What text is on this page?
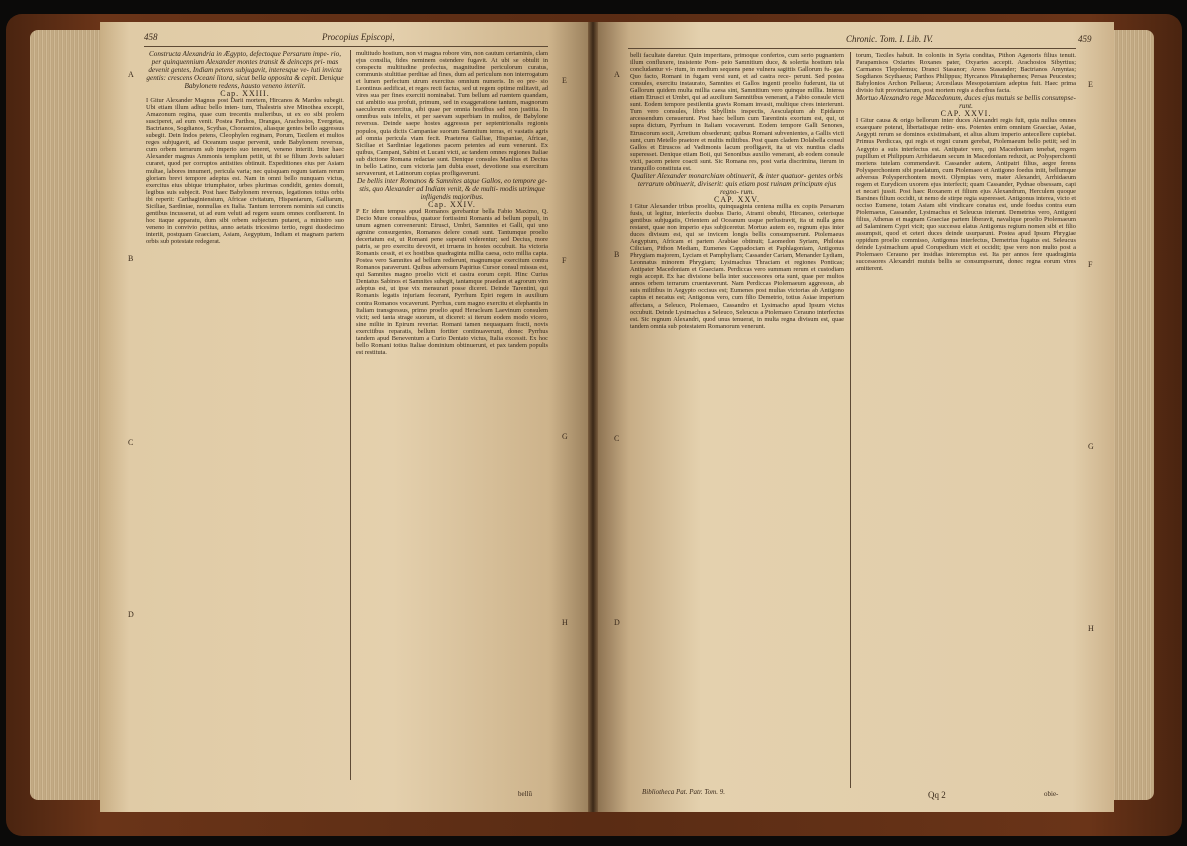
458	Procopius Episcopi,

Constructa Alexandria in Ægypto, defectoque Persarum impe- rio, per quinquennium Alexander montes transit & deinceps pri- mas devenit gentes, Indiam petens subjugavit, interesque ve- luti invicta gentis: crescens Oceani litora, sicut bella opposita & cepit. Denique Babylonem redens, hausto veneno interiit.

Cap. XXIII.

I Gitur Alexander Magnus post Darii mortem, Hircanos & Mardos subegit. Ubi etiam illum adhuc bello inten- tum, Thalestris sive Minothea excepit, Amazonum regina, quae cum trecentis mulieribus, ut ex eo sibi prolem susciperet, ad eum venit. Postea Parthos, Drangas, Arachosios, Evergetas, Bactrianos, Sogdianos, Scythas, Chorasmios, aliasque gentes bello aggressus subegit. Dein Indos petens, Cleophylen reginam, Porum, Taxilem et multos reges subjugavit, ad Oceanum usque pervenit, unde Babylonem reversus, cum orbem terrarum sub imperio suo teneret, veneno interiit. Inter haec Alexander magnus Ammonis templum petiit, ut ibi se filium Jovis salutari curaret, quod per corruptos antistites obtinuit. Expeditiones eius per Asiam multae, labores innumeri, pericula varia; nec quisquam regum tantam rerum gloriam brevi tempore adeptus est. Nam in omni bello nunquam victus, exercitus eius ubique triumphator, urbes plurimas condidit, gentes domuit, legibus suis subjecit. Post haec Babylonem reversus, legationes totius orbis ibi reperit: Carthaginiensium, Africae civitatum, Hispaniarum, Galliarum, Siciliae, Sardiniae, nonnullas ex Italia. Tantum terrorem nominis sui cunctis gentibus incusserat, ut ad eum veluti ad regem suum omnes confluerent. In hoc itaque apparatu, dum sibi orbem subjectum putaret, a ministro suo veneno in convivio petitus, anno aetatis tricesimo tertio, regni duodecimo interiit, postquam Graeciam, Asiam, Aegyptum, Indiam et magnam partem orbis sub potestate redegerat.

multitudo hostium, non vi magna robore vim, non cautum certaminis, clam ejus consilia, fides neminem ostendere fugavit. At ubi se obtulit in conspectu multitudine profectus, magnitudine periculorum curatus, communis stultitiae perditae ad fines, dum ad periculum non interrogatum et lumen perfectum utrum exercitus omnium numeris. In eo pre- sio Leontinus aedificat, et reges recti factus, sed ut regem optime militavit, ad vires sua per fines exerciti nominabat. Tum bellum ad ruentem quandam, cui ambitio sua profuit, primum, sed in exaggeratione tantum, magnorum saeculorum exercitus, sibi quae per omnia hostibus sed non justitia. In omnibus suis infelix, et per saevam superbiam in multos, de Babylone reversus. Deinde saepe hostes aggressus per septentrionalis regionis populos, quia dictis Campaniae suorum Samnitum terras, et vastatis agris ad omnia pericula viam fecit. Praeterea Galliae, Hispaniae, Africae, Siciliae et Sardiniae legationes pacem petentes ad eum venerunt. Ex quibus, Campani, Sabini et Lucani victi, ac tandem omnes regiones Italiae sub dictione Romana redactae sunt. Denique consules Manlius et Decius in bello Latino, cum victoria jam dubia esset, devotione sua exercitum servaverunt, et Latinorum copias profligaverunt.

De bellis inter Romanos & Samnites atque Gallos, eo tempore ge- stis, quo Alexander ad Indiam venit, & de multi- modis utrimque infligendis majoribus.

Cap. XXIV.

P Er idem tempus apud Romanos gerebantur bella Fabio Maximo, Q. Decio Mure consulibus, quatuor fortissimi Romanis ad bellum populi, in unum agmen convenerunt: Etrusci, Umbri, Samnites et Galli, qui uno agmine consurgentes, Romanos delere conati sunt. Tantumque proelio decertatum est, ut Romani pene superati viderentur; sed Decius, more patris, se pro exercitu devovit, et irruens in hostes occubuit. Ita victoria Romanis cessit, et ex hostibus quadraginta millia caesa, octo millia capta. Postea vero Samnites ad bellum redierunt, magnumque exercitum contra Romanos paraverunt. Quibus adversum Papirius Cursor consul missus est, qui Samnites magno proelio vicit et castra eorum cepit. Hinc Curius Dentatus Sabinos et Samnites subegit, tantamque praedam et agrorum vim adeptus est, ut ipse vix mensurari posse diceret. Deinde Tarentini, qui Romanis legatis injuriam fecerant, Pyrrhum Epiri regem in auxilium contra Romanos vocaverunt. Pyrrhus, cum magno exercitu et elephantis in Italiam transgressus, primo proelio apud Heracleam Laevinum consulem vicit; sed tanta strage suorum, ut diceret: si iterum eodem modo vicero, sine milite in Epirum revertar. Romani tamen nequaquam fracti, novis exercitibus reparatis, bellum fortiter continuaverunt, donec Pyrrhus tandem apud Beneventum a Curio Dentato victus, Italia excessit. Ex hoc bello Romani totius Italiae dominium obtinuerunt, et pax tandem populis est restituta.

bellū
A
B
C
D
E
F
G
H
Chronic. Tom. I. Lib. IV.	459

belli facultate daretur. Quin imperitans, primoque confertos, cum serio pugnantem illum confluxere, insistente Pom- peio Samnitium duce, & solertia hostium tela concludantur vi- rium, in medium sequens pene vulnera sagittis Gallorum fu- gae. Quo facto, Romani in fugam versi sunt, et ad castra rece- perunt. Sed postea consules, exercitu instaurato, Samnites et Gallos ingenti proelio fuderunt, ita ut Gallorum quidem multa millia caesa sint, Samnitium vero quinque millia. Interea etiam Etrusci et Umbri, qui ad auxilium Samnitibus venerant, a Fabio consule victi sunt. Eodem tempore pestilentia gravis Romam invasit, multique cives interierunt. Tum vero consules, libris Sibyllinis inspectis, Aesculapium ab Epidauro arcessendum censuerunt. Post haec bellum cum Tarentinis exortum est, qui, ut supra dictum, Pyrrhum in Italiam vocaverunt. Eodem tempore Galli Senones, Etruscorum socii, Arretium obsederunt; quibus Romani subvenientes, a Gallis victi sunt, cum Metello praetore et multis militibus. Post quam cladem Dolabella consul Gallos et Etruscos ad Vadimonis lacum profligavit, ita ut vix nuntius cladis superesset. Denique etiam Boii, qui Senonibus auxilio venerant, ab eodem consule victi, pacem petere coacti sunt. Sic Romana res, post varia discrimina, iterum in tranquillo constituta est.

Qualiter Alexander monarchiam obtinuerit, & inter quatuor- gentes orbis terrarum obtinuerit, diviserit: quis etiam post ruinam principum ejus regno- rum.

CAP. XXV.

I Gitur Alexander tribus proeliis, quinquaginta centena millia ex copiis Persarum fusis, ut legitur, interfectis duobus Dario, Atrami obnubi, Hircaneo, ceterisque gentibus subjugatis, Orientem ad Oceanum usque perlustravit, ita ut nulla gens restaret, quae non imperio ejus subjiceretur. Mortuo autem eo, regnum ejus inter duces divisum est, qui se invicem longis bellis consumpserunt. Ptolemaeus Aegyptum, Africam et partem Arabiae obtinuit; Laomedon Syriam, Philotas Ciliciam, Pithon Mediam, Eumenes Cappadociam et Paphlagoniam, Antigonus Phrygiam majorem, Lyciam et Pamphyliam; Cassander Cariam, Menander Lydiam, Leonnatus minorem Phrygiam; Lysimachus Thraciam et regiones Ponticas; Antipater Macedoniam et Graeciam. Perdiccas vero summam rerum et custodiam regis accepit. Ex hac divisione bella inter successores orta sunt, quae per multos annos orbem terrarum cruentaverunt. Nam Perdiccas Ptolemaeum aggressus, ab suis militibus in Aegypto occisus est; Eumenes post multas victorias ab Antigono captus et necatus est; Antigonus vero, cum filio Demetrio, totius Asiae imperium affectans, a Seleuco, Ptolemaeo, Cassandro et Lysimacho apud Ipsum victus occubuit. Deinde Lysimachus a Seleuco, Seleucus a Ptolemaeo Cerauno interfectus est. Sic regnum Alexandri, quod unus tenuerat, in multa regna divisum est, quae tandem omnia sub potestatem Romanorum venerunt.

torum, Taxiles habuit. In coloniis in Syria conditas, Pithon Agenoris filius tenuit. Parapamisos Oxiartes Roxanes pater, Oxyartes accepit. Arachosios Sibyrtius; Carmanos Tlepolemus; Dranci Stasanor; Areos Stasander; Bactrianos Amyntas; Sogdianos Scythaeus; Parthos Philippus; Hyrcanos Phrataphernes; Persas Peucestes; Babylonios Archon Pellaeus; Arcesilaus Mesopotamiam adeptus fuit. Haec prima divisio fuit provinciarum, post mortem regis a ducibus facta.

Mortuo Alexandro rege Macedonum, duces ejus mutuis se bellis consumpse- runt.

CAP. XXVI.

I Gitur causa & origo bellorum inter duces Alexandri regis fuit, quia nullus omnes exaequare poterat, libertatisque retin- ens. Potentes enim omnium Graeciae, Asiae, Aegypti rerum se dominos existimabant, et alius alium imperio antecellere cupiebat. Primus Perdiccas, qui regis et regni curam gerebat, Ptolemaeum bello petiit; sed in Aegypto a suis interfectus est. Antipater vero, qui Macedoniam tenebat, regem pupillum et Philippum Arrhidaeum secum in Macedoniam reduxit, ac Polysperchonti moriens tutelam commendavit. Cassander autem, Antipatri filius, aegre ferens Polysperchontem sibi praelatum, cum Ptolemaeo et Antigono foedus iniit, bellumque adversus Polysperchontem movit. Olympias vero, mater Alexandri, Arrhidaeum regem et Eurydicen uxorem ejus interfecit; quam Cassander, Pydnae obsessam, capi et necari jussit. Post haec Roxanem et filium ejus Alexandrum, Herculem quoque Barsines filium occidit, ut nemo de stirpe regia superesset. Antigonus interea, victo et occiso Eumene, totam Asiam sibi vindicare conatus est, unde foedus contra eum Ptolemaeus, Cassander, Lysimachus et Seleucus inierunt. Demetrius vero, Antigoni filius, Athenas et magnam Graeciae partem liberavit, navalique proelio Ptolemaeum ad Salaminem Cypri vicit; quo successu elatus Antigonus regium nomen sibi et filio assumpsit, quod et ceteri duces deinde usurparunt. Postea apud Ipsum Phrygiae oppidum proelio commisso, Antigonus interfectus, Demetrius fugatus est. Seleucus deinde Lysimachum apud Corupedium vicit et occidit; ipse vero non multo post a Ptolemaeo Cerauno per insidias interemptus est. Ita per annos fere quadraginta successores Alexandri mutuis bellis se consumpserunt, donec regna eorum vires amitterent.

Bibliotheca Pat. Patr. Tom. 9.	Qq 2	obie-
A
B
C
D
E
F
G
H
